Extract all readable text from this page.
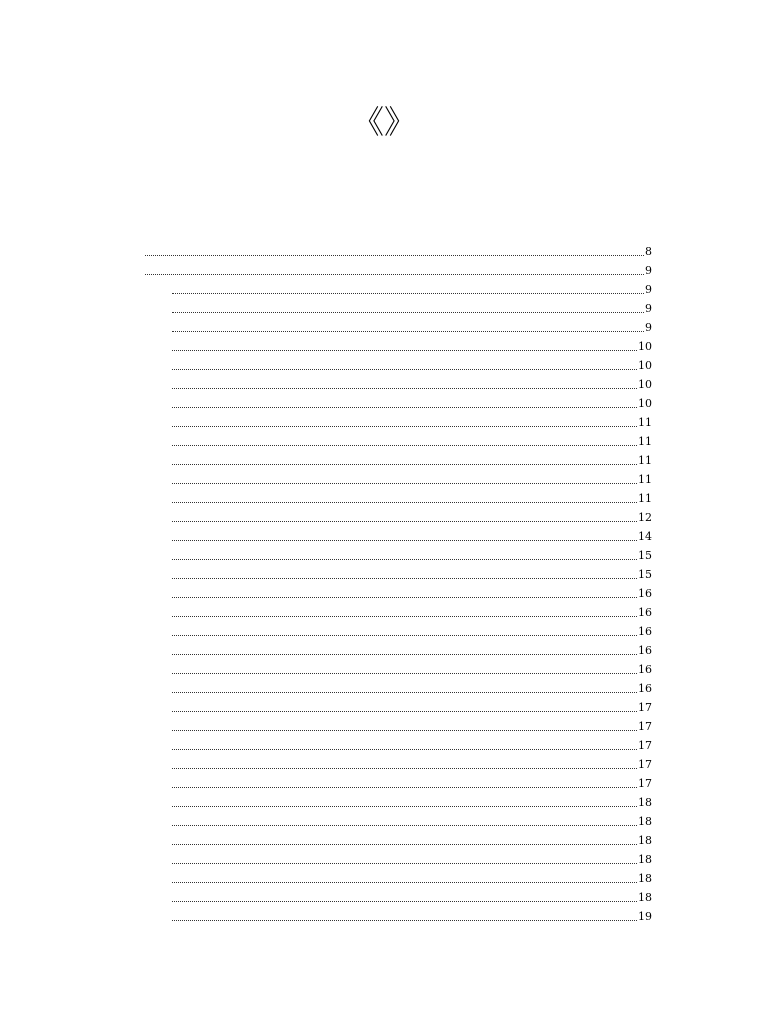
《》
8
9
9
9
9
10
10
10
10
11
11
11
11
11
12
14
15
15
16
16
16
16
16
16
17
17
17
17
17
18
18
18
18
18
18
19
